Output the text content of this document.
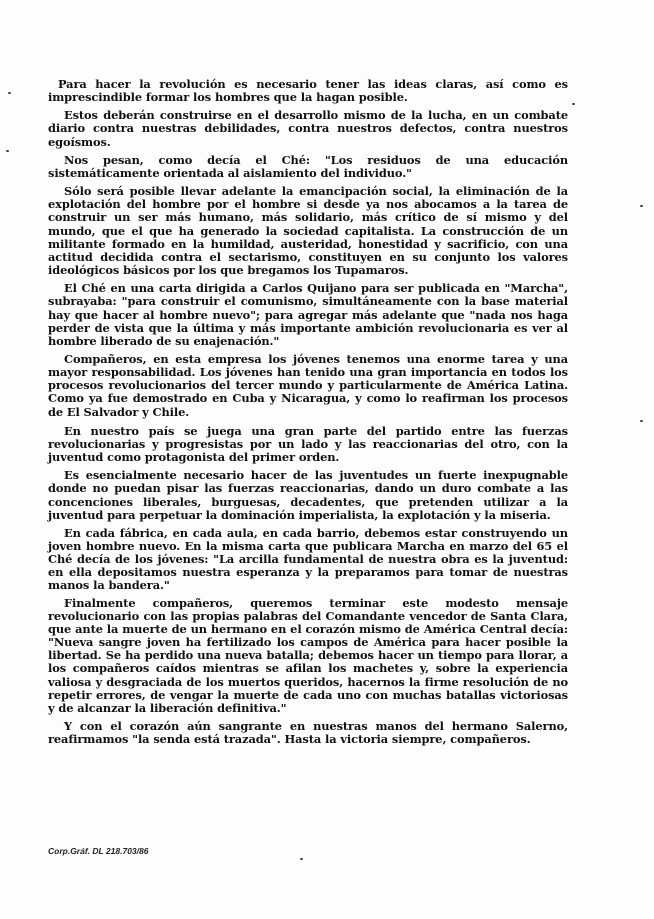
Para hacer la revolución es necesario tener las ideas claras, así como es imprescindible formar los hombres que la hagan posible.

Estos deberán construirse en el desarrollo mismo de la lucha, en un combate diario contra nuestras debilidades, contra nuestros defectos, contra nuestros egoísmos.

Nos pesan, como decía el Ché: "Los residuos de una educación sistemáticamente orientada al aislamiento del individuo."

Sólo será posible llevar adelante la emancipación social, la eliminación de la explotación del hombre por el hombre si desde ya nos abocamos a la tarea de construir un ser más humano, más solidario, más crítico de sí mismo y del mundo, que el que ha generado la sociedad capitalista. La construcción de un militante formado en la humildad, austeridad, honestidad y sacrificio, con una actitud decidida contra el sectarismo, constituyen en su conjunto los valores ideológicos básicos por los que bregamos los Tupamaros.

El Ché en una carta dirigida a Carlos Quijano para ser publicada en "Marcha", subrayaba: "para construir el comunismo, simultáneamente con la base material hay que hacer al hombre nuevo"; para agregar más adelante que "nada nos haga perder de vista que la última y más importante ambición revolucionaria es ver al hombre liberado de su enajenación."

Compañeros, en esta empresa los jóvenes tenemos una enorme tarea y una mayor responsabilidad. Los jóvenes han tenido una gran importancia en todos los procesos revolucionarios del tercer mundo y particularmente de América Latina. Como ya fue demostrado en Cuba y Nicaragua, y como lo reafirman los procesos de El Salvador y Chile.

En nuestro país se juega una gran parte del partido entre las fuerzas revolucionarias y progresistas por un lado y las reaccionarias del otro, con la juventud como protagonista del primer orden.

Es esencialmente necesario hacer de las juventudes un fuerte inexpugnable donde no puedan pisar las fuerzas reaccionarias, dando un duro combate a las concenciones liberales, burguesas, decadentes, que pretenden utilizar a la juventud para perpetuar la dominación imperialista, la explotación y la miseria.

En cada fábrica, en cada aula, en cada barrio, debemos estar construyendo un joven hombre nuevo. En la misma carta que publicara Marcha en marzo del 65 el Ché decía de los jóvenes: "La arcilla fundamental de nuestra obra es la juventud: en ella depositamos nuestra esperanza y la preparamos para tomar de nuestras manos la bandera."

Finalmente compañeros, queremos terminar este modesto mensaje revolucionario con las propias palabras del Comandante vencedor de Santa Clara, que ante la muerte de un hermano en el corazón mismo de América Central decía: "Nueva sangre joven ha fertilizado los campos de América para hacer posible la libertad. Se ha perdido una nueva batalla; debemos hacer un tiempo para llorar, a los compañeros caídos mientras se afilan los machetes y, sobre la experiencia valiosa y desgraciada de los muertos queridos, hacernos la firme resolución de no repetir errores, de vengar la muerte de cada uno con muchas batallas victoriosas y de alcanzar la liberación definitiva."

Y con el corazón aún sangrante en nuestras manos del hermano Salerno, reafirmamos "la senda está trazada". Hasta la victoria siempre, compañeros.

Corp.Gráf. DL 218.703/86
